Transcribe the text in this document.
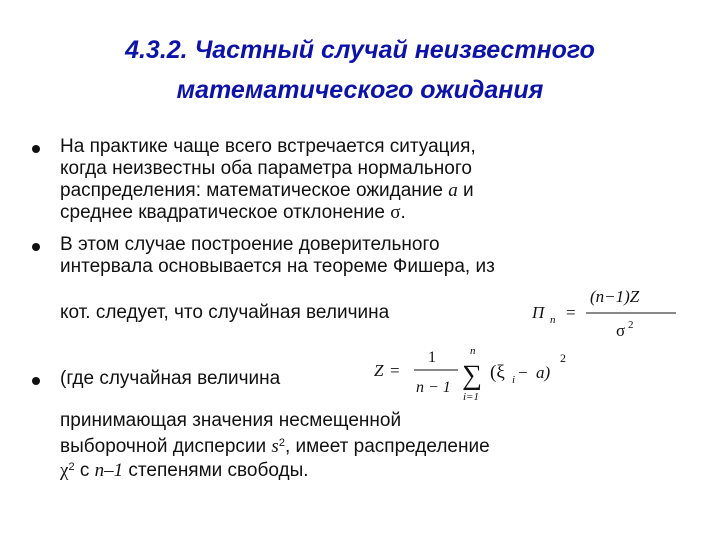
4.3.2. Частный случай неизвестного
математического ожидания
На практике чаще всего встречается ситуация,
когда неизвестны оба параметра нормального
распределения: математическое ожидание a и
среднее квадратическое отклонение σ.
В этом случае построение доверительного
интервала основывается на теореме Фишера, из
кот. следует, что случайная величина	Π n =
(n−1)Z
σ 2
(где случайная величина	Z =
1
n − 1
n
∑
i=1
(ξ i − a)
2
принимающая значения несмещенной
выборочной дисперсии $s^2$, имеет распределение
$\chi^2$ с n–1 степенями свободы.
